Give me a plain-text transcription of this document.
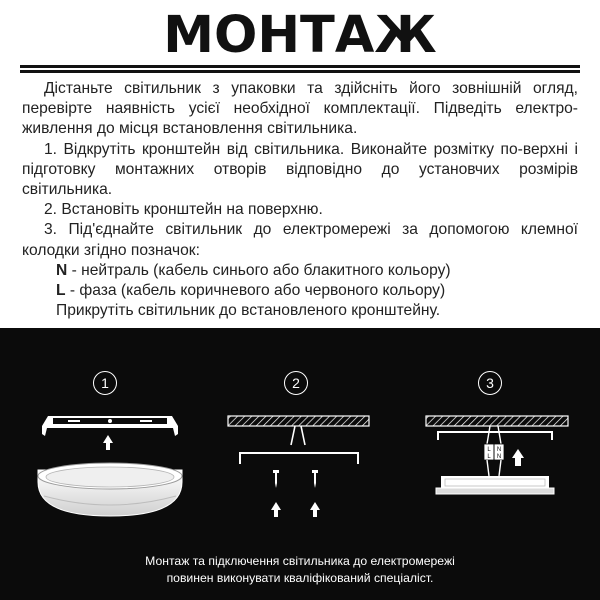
МОНТАЖ

Дістаньте світильник з упаковки та здійсніть його зовнішній огляд, перевірте наявність усієї необхідної комплектації. Підведіть електро-живлення до місця встановлення світильника.

1. Відкрутіть кронштейн від світильника. Виконайте розмітку по-верхні і підготовку монтажних отворів відповідно до установчих розмірів світильника.

2. Встановіть кронштейн на поверхню.

3. Під'єднайте світильник до електромережі за допомогою клемної колодки згідно позначок:

N - нейтраль (кабель синього або блакитного кольору)

L - фаза (кабель коричневого або червоного кольору)

Прикрутіть світильник до встановленого кронштейну.

1	2	3
L N
L N
Монтаж та підключення світильника до електромережі
повинен виконувати кваліфікований спеціаліст.
